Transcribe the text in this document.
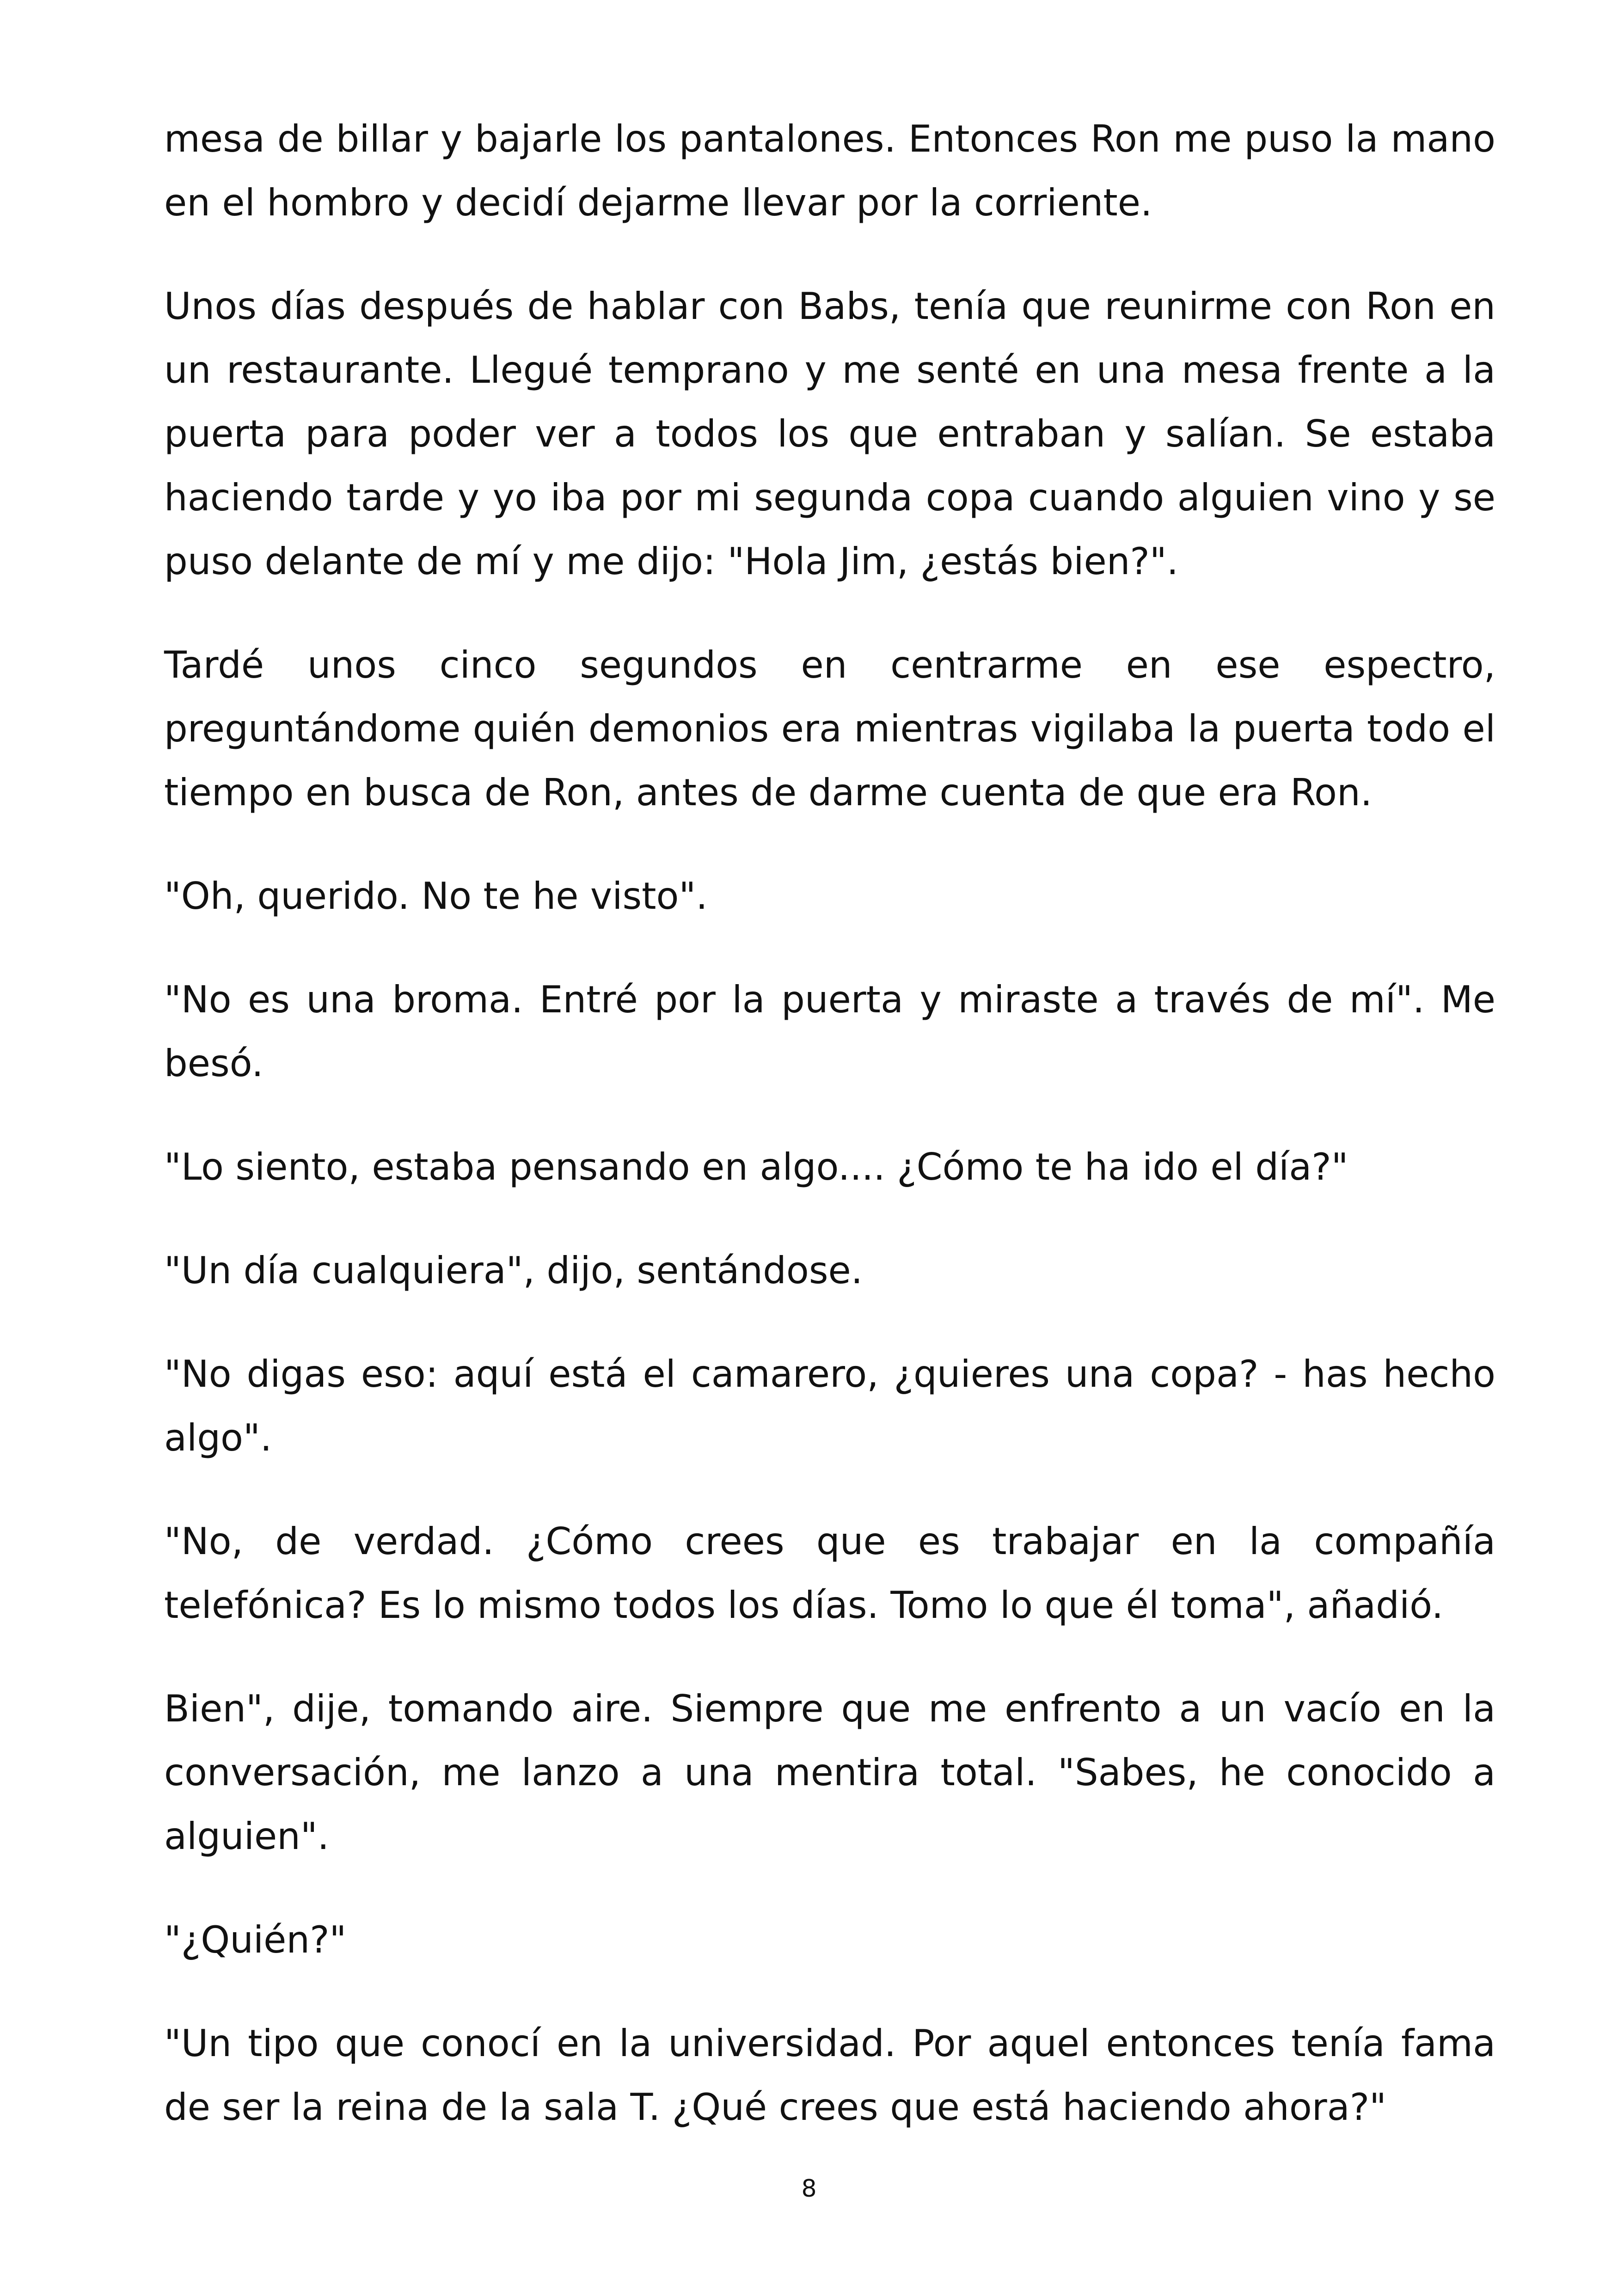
mesa de billar y bajarle los pantalones. Entonces Ron me puso la mano en el hombro y decidí dejarme llevar por la corriente.

Unos días después de hablar con Babs, tenía que reunirme con Ron en un restaurante. Llegué temprano y me senté en una mesa frente a la puerta para poder ver a todos los que entraban y salían. Se estaba haciendo tarde y yo iba por mi segunda copa cuando alguien vino y se puso delante de mí y me dijo: "Hola Jim, ¿estás bien?".

Tardé unos cinco segundos en centrarme en ese espectro, preguntándome quién demonios era mientras vigilaba la puerta todo el tiempo en busca de Ron, antes de darme cuenta de que era Ron.

"Oh, querido. No te he visto".

"No es una broma. Entré por la puerta y miraste a través de mí". Me besó.

"Lo siento, estaba pensando en algo.... ¿Cómo te ha ido el día?"

"Un día cualquiera", dijo, sentándose.

"No digas eso: aquí está el camarero, ¿quieres una copa? - has hecho algo".

"No, de verdad. ¿Cómo crees que es trabajar en la compañía telefónica? Es lo mismo todos los días. Tomo lo que él toma", añadió.

Bien", dije, tomando aire. Siempre que me enfrento a un vacío en la conversación, me lanzo a una mentira total. "Sabes, he conocido a alguien".

"¿Quién?"

"Un tipo que conocí en la universidad. Por aquel entonces tenía fama de ser la reina de la sala T. ¿Qué crees que está haciendo ahora?"

8
